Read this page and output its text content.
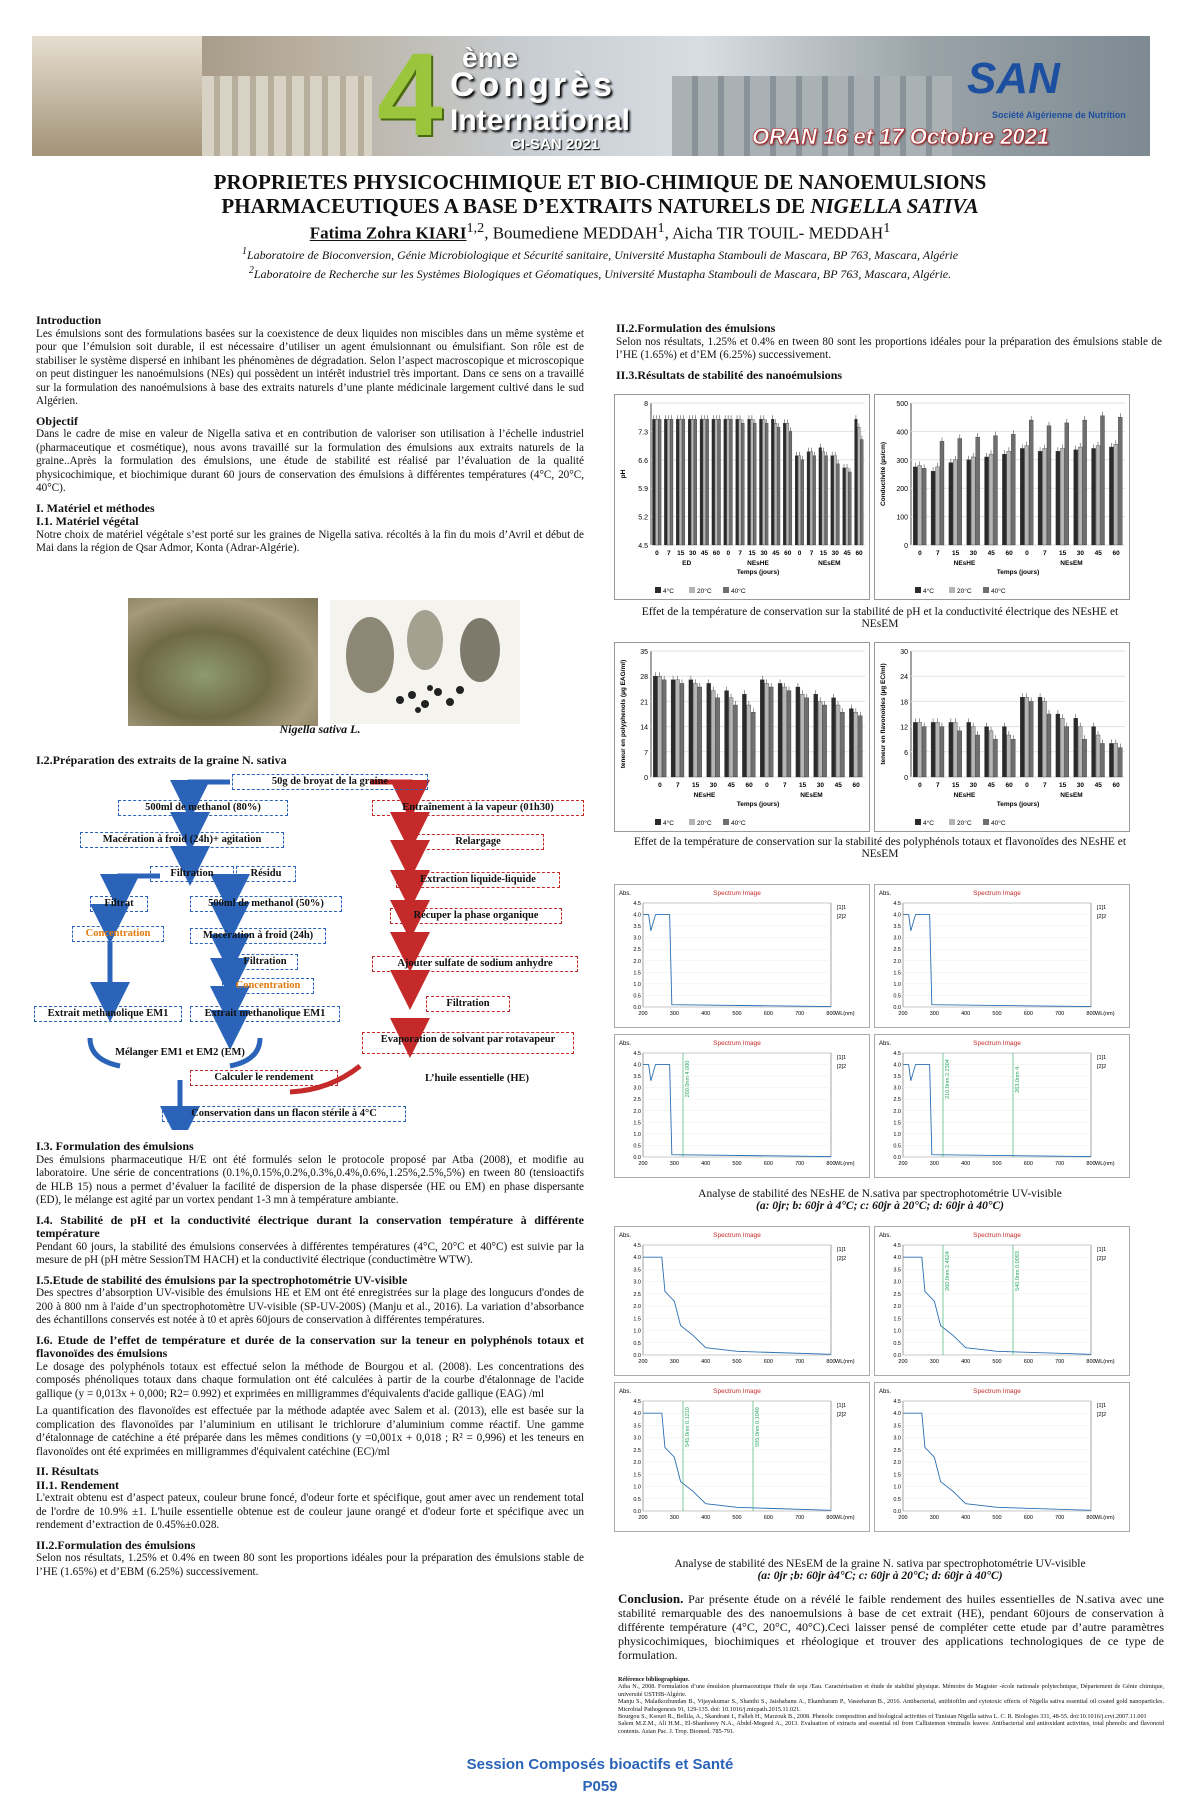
4 ème
Congrès
International
CI-SAN 2021	ORAN 16 et 17 Octobre 2021
SAN
Société Algérienne de Nutrition
PROPRIETES PHYSICOCHIMIQUE ET BIO-CHIMIQUE DE NANOEMULSIONS
PHARMACEUTIQUES A BASE D’EXTRAITS NATURELS DE NIGELLA SATIVA
Fatima Zohra KIARI$^{1,2}$, Boumediene MEDDAH$^1$, Aicha TIR TOUIL- MEDDAH$^1$
$^1$Laboratoire de Bioconversion, Génie Microbiologique et Sécurité sanitaire, Université Mustapha Stambouli de Mascara, BP 763, Mascara, Algérie
$^2$Laboratoire de Recherche sur les Systèmes Biologiques et Géomatiques, Université Mustapha Stambouli de Mascara, BP 763, Mascara, Algérie.
Introduction

Les émulsions sont des formulations basées sur la coexistence de deux liquides non miscibles dans un même système et pour que l’émulsion soit durable, il est nécessaire d’utiliser un agent émulsionnant ou émulsifiant. Son rôle est de stabiliser le système dispersé en inhibant les phénomènes de dégradation. Selon l’aspect macroscopique et microscopique on peut distinguer les nanoémulsions (NEs) qui possèdent un intérêt industriel très important. Dans ce sens on a travaillé sur la formulation des nanoémulsions à base des extraits naturels d’une plante médicinale largement cultivé dans le sud Algérien.

Objectif

Dans le cadre de mise en valeur de Nigella sativa et en contribution de valoriser son utilisation à l’échelle industriel (pharmaceutique et cosmétique), nous avons travaillé sur la formulation des émulsions aux extraits naturels de la graine..Après la formulation des émulsions, une étude de stabilité est réalisé par l’évaluation de la qualité physicochimique, et biochimique durant 60 jours de conservation des émulsions à différentes températures (4°C, 20°C, 40°C).

I. Matériel et méthodes
I.1. Matériel végétal

Notre choix de matériel végétale s’est porté sur les graines de Nigella sativa. récoltés à la fin du mois d’Avril et début de Mai dans la région de Qsar Admor, Konta (Adrar-Algérie).

Nigella sativa L.
I.2.Préparation des extraits de la graine N. sativa
50g de broyat de la graine
500ml de methanol (80%)	Entraînement à la vapeur (01h30)
Macération à froid (24h)+ agitation	Relargage
Filtration	Résidu
Extraction liquide-liquide
Filtrat	500ml de methanol (50%)
Récuper la phase organique
Concentration	Macération à froid (24h)
Ajouter sulfate de sodium anhydre
Filtration
Concentration
Filtration
Extrait methanolique EM1	Extrait methanolique EM1
Evaporation de solvant par rotavapeur
Mélanger EM1 et EM2 (EM)
Calculer le rendement	L’huile essentielle (HE)
Conservation dans un flacon stérile à 4°C
I.3. Formulation des émulsions

Des émulsions pharmaceutique H/E ont été formulés selon le protocole proposé par Atba (2008), et modifie au laboratoire. Une série de concentrations (0.1%,0.15%,0.2%,0.3%,0.4%,0.6%,1.25%,2.5%,5%) en tween 80 (tensioactifs de HLB 15) nous a permet d’évaluer la facilité de dispersion de la phase dispersée (HE ou EM) en phase dispersante (ED), le mélange est agité par un vortex pendant 1-3 mn à température ambiante.

I.4. Stabilité de pH et la conductivité électrique durant la conservation température à différente température

Pendant 60 jours, la stabilité des émulsions conservées à différentes températures (4°C, 20°C et 40°C) est suivie par la mesure de pH (pH mètre SessionTM HACH) et la conductivité électrique (conductimètre WTW).

I.5.Etude de stabilité des émulsions par la spectrophotométrie UV-visible

Des spectres d’absorption UV-visible des émulsions HE et EM ont été enregistrées sur la plage des longucurs d'ondes de 200 à 800 nm à l'aide d’un spectrophotomètre UV-visible (SP-UV-200S) (Manju et al., 2016). La variation d’absorbance des échantillons conservés est notée à t0 et après 60jours de conservation à différentes températures.

I.6. Etude de l’effet de température et durée de la conservation sur la teneur en polyphénols totaux et flavonoïdes des émulsions

Le dosage des polyphénols totaux est effectué selon la méthode de Bourgou et al. (2008). Les concentrations des composés phénoliques totaux dans chaque formulation ont été calculées à partir de la courbe d'étalonnage de l'acide gallique (y = 0,013x + 0,000; R2= 0.992) et exprimées en milligrammes d'équivalents d'acide gallique (EAG) /ml

La quantification des flavonoïdes est effectuée par la méthode adaptée avec Salem et al. (2013), elle est basée sur la complication des flavonoïdes par l’aluminium en utilisant le trichlorure d’aluminium comme réactif. Une gamme d’étalonnage de catéchine a été préparée dans les mêmes conditions (y =0,001x + 0,018 ; R² = 0,996) et les teneurs en flavonoïdes ont été exprimées en milligrammes d'équivalent catéchine (EC)/ml

II. Résultats
II.1. Rendement

L'extrait obtenu est d’aspect pateux, couleur brune foncé, d'odeur forte et spécifique, gout amer avec un rendement total de l'ordre de 10.9% ±1. L'huile essentielle obtenue est de couleur jaune orangé et d'odeur forte et spécifique avec un rendement d’extraction de 0.45%±0.028.

II.2.Formulation des émulsions

Selon nos résultats, 1.25% et 0.4% en tween 80 sont les proportions idéales pour la préparation des émulsions stable de l’HE (1.65%) et d’EBM (6.25%) successivement.

II.2.Formulation des émulsions

Selon nos résultats, 1.25% et 0.4% en tween 80 sont les proportions idéales pour la préparation des émulsions stable de l’HE (1.65%) et d’EM (6.25%) successivement.

II.3.Résultats de stabilité des nanoémulsions
4.5
5.2
5.9
6.6
7.3
8
0 7 15 30 45 60 0 7 15 30 45 60 0 7 15 30 45 60
ED	NEsHE	NEsEM
Temps (jours)
pH
4°C	20°C	40°C
0
100
200
300
400
500
0 7 15 30 45 60 0 7 15 30 45 60
NEsHE	NEsEM
Temps (jours)
Conductivité (µs/cm)
4°C	20°C	40°C
Effet de la température de conservation sur la stabilité de pH et la conductivité électrique des NEsHE et NEsEM
0
7
14
21
28
35
0 7 15 30 45 60 0 7 15 30 45 60
NEsHE	NEsEM
Temps (jours)
teneur en polyphenols (µg EAG/ml)
4°C	20°C	40°C
0
6
12
18
24
30
0 7 15 30 45 60 0 7 15 30 45 60
NEsHE	NEsEM
Temps (jours)
teneur en flavonoïdes (µg EC/ml)
4°C	20°C	40°C
Effet de la température de conservation sur la stabilité des polyphénols totaux et flavonoïdes des NEsHE et NEsEM
Spectrum Image
Abs.
4.5
4.0
3.5
3.0
2.5
2.0
1.5
1.0
0.5
0.0
200	300	400	500	600	700	800 WL(nm)
[1]1
[2]2
Spectrum Image
Abs.
4.5
4.0
3.5
3.0
2.5
2.0
1.5
1.0
0.5
0.0
200	300	400	500	600	700	800 WL(nm)
[1]1
[2]2
Spectrum Image
Abs.
4.5
4.0
3.5
3.0
2.5
2.0
1.5
1.0
0.5
0.0
200	300	400	500	600	700	800 WL(nm)
[1]1
[2]2
260.0nm 4.000
Spectrum Image
Abs.
4.5
4.0
3.5
3.0
2.5
2.0
1.5
1.0
0.5
0.0
200	300	400	500	600	700	800 WL(nm)
[1]1
[2]2
210.0nm 2.2304	263.0nm 4.
Analyse de stabilité des NEsHE de N.sativa par spectrophotométrie UV-visible
(a: 0jr; b: 60jr à 4°C; c: 60jr à 20°C; d: 60jr à 40°C)
Spectrum Image
Abs.
4.5
4.0
3.5
3.0
2.5
2.0
1.5
1.0
0.5
0.0
200	300	400	500	600	700	800 WL(nm)
[1]1
[2]2
Spectrum Image
Abs.
4.5
4.0
3.5
3.0
2.5
2.0
1.5
1.0
0.5
0.0
200	300	400	500	600	700	800 WL(nm)
[1]1
[2]2
260.0nm 2.4624	540.0nm 0.0093
Spectrum Image
Abs.
4.5
4.0
3.5
3.0
2.5
2.0
1.5
1.0
0.5
0.0
200	300	400	500	600	700	800 WL(nm)
[1]1
[2]2
545.0nm 0.1210	595.0nm 0.1049
Spectrum Image
Abs.
4.5
4.0
3.5
3.0
2.5
2.0
1.5
1.0
0.5
0.0
200	300	400	500	600	700	800 WL(nm)
[1]1
[2]2
Analyse de stabilité des NEsEM de la graine N. sativa par spectrophotométrie UV-visible
(a: 0jr ;b: 60jr à4°C; c: 60jr à 20°C; d: 60jr à 40°C)

Conclusion. Par présente étude on a révélé le faible rendement des huiles essentielles de N.sativa avec une stabilité remarquable des des nanoemulsions à base de cet extrait (HE), pendant 60jours de conservation à différente température (4°C, 20°C, 40°C).Ceci laisser pensé de compléter cette etude par d’autre paramètres physicochimiques, biochimiques et rhéologique et trouver des applications technologiques de ce type de formulation.

Référence bibliographique.
Atba N., 2008. Formulation d’une émulsion pharmaceutique Huile de soja /Eau. Caractérisation et étude de stabilité physique. Mémoire de Magister -école nationale polytechnique, Département de Génie chimique, université USTHB-Algérie.
Manju S., Malaikozhundan B., Vijayakumar S., Shanthi S., Jaishabanu A., Ekambaram P., Vaseeharan B., 2016. Antibacterial, antibiofilm and cytotoxic effects of Nigella sativa essential oil coated gold nanoparticles. Microbial Pathogenesis 91, 129-135. doi: 10.1016/j.micpath.2015.11.021.
Bourgou S., Ksouri R., Bellila, A., Skandrani I., Falleh H., Marzouk B., 2008. Phenolic composition and biological activities of Tunisian Nigella sativa L. C. R. Biologies 331, 48-55. doi:10.1016/j.crvi.2007.11.001
Salem M.Z.M., Ali H.M., El-Shanhorey N.A., Abdel-Megeed A., 2013. Evaluation of extracts and essential oil from Callistemon viminalis leaves: Antibacterial and antioxidant activities, total phenolic and flavonoid contents. Asian Pac. J. Trop. Biomed. 785-791.
Session Composés bioactifs et Santé
P059
